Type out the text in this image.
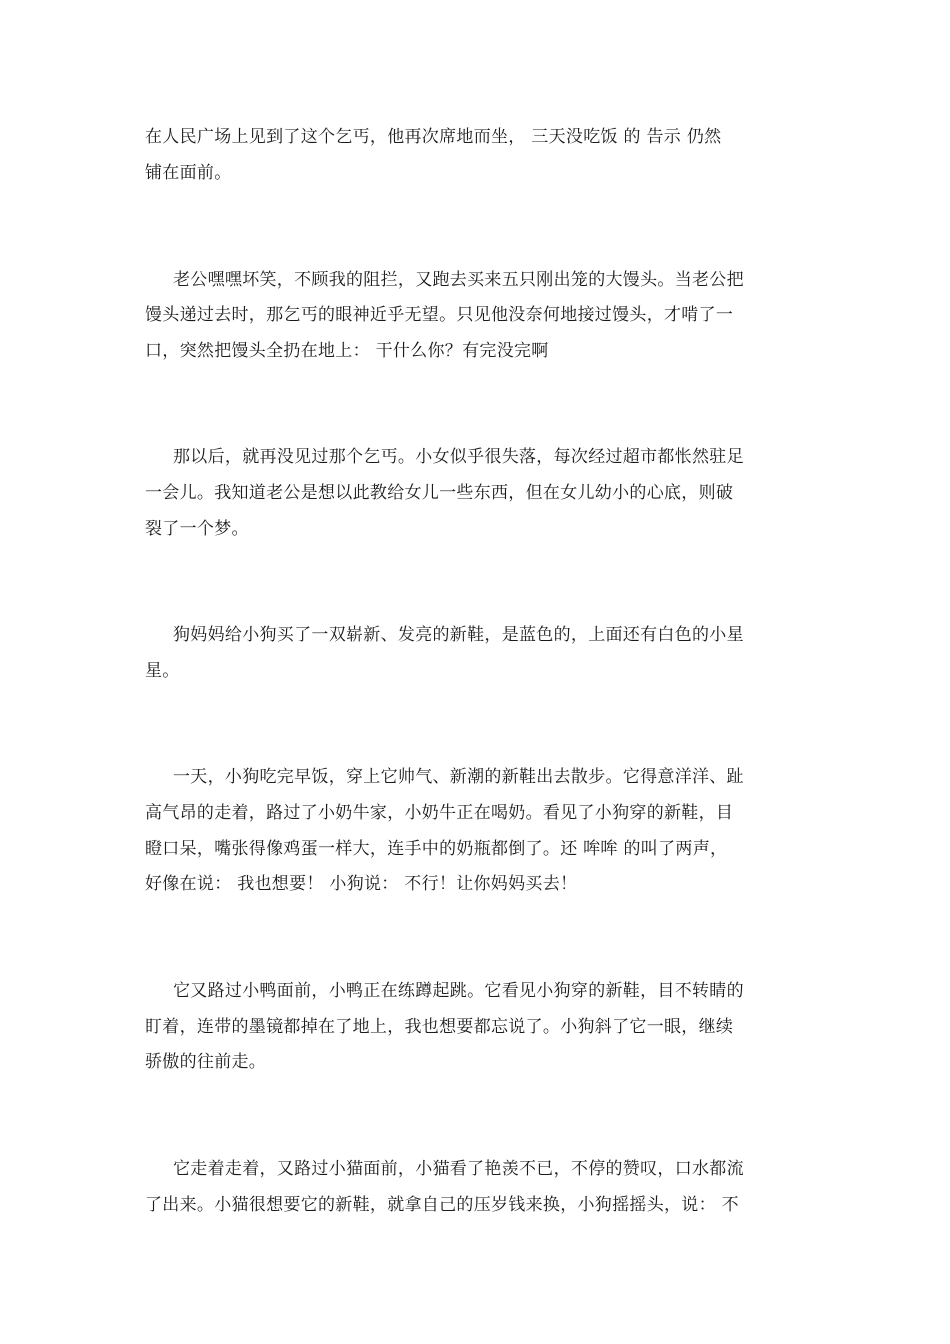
在人民广场上见到了这个乞丐，他再次席地而坐， 三天没吃饭 的 告示 仍然
铺在面前。
老公嘿嘿坏笑，不顾我的阻拦，又跑去买来五只刚出笼的大馒头。当老公把
馒头递过去时，那乞丐的眼神近乎无望。只见他没奈何地接过馒头，才啃了一
口，突然把馒头全扔在地上： 干什么你？有完没完啊
那以后，就再没见过那个乞丐。小女似乎很失落，每次经过超市都怅然驻足
一会儿。我知道老公是想以此教给女儿一些东西，但在女儿幼小的心底，则破
裂了一个梦。
狗妈妈给小狗买了一双崭新、发亮的新鞋，是蓝色的，上面还有白色的小星
星。
一天，小狗吃完早饭，穿上它帅气、新潮的新鞋出去散步。它得意洋洋、趾
高气昂的走着，路过了小奶牛家，小奶牛正在喝奶。看见了小狗穿的新鞋，目
瞪口呆，嘴张得像鸡蛋一样大，连手中的奶瓶都倒了。还 哞哞 的叫了两声，
好像在说： 我也想要！ 小狗说： 不行！让你妈妈买去！
它又路过小鸭面前，小鸭正在练蹲起跳。它看见小狗穿的新鞋，目不转睛的
盯着，连带的墨镜都掉在了地上，我也想要都忘说了。小狗斜了它一眼，继续
骄傲的往前走。
它走着走着，又路过小猫面前，小猫看了艳羡不已，不停的赞叹，口水都流
了出来。小猫很想要它的新鞋，就拿自己的压岁钱来换，小狗摇摇头，说： 不
